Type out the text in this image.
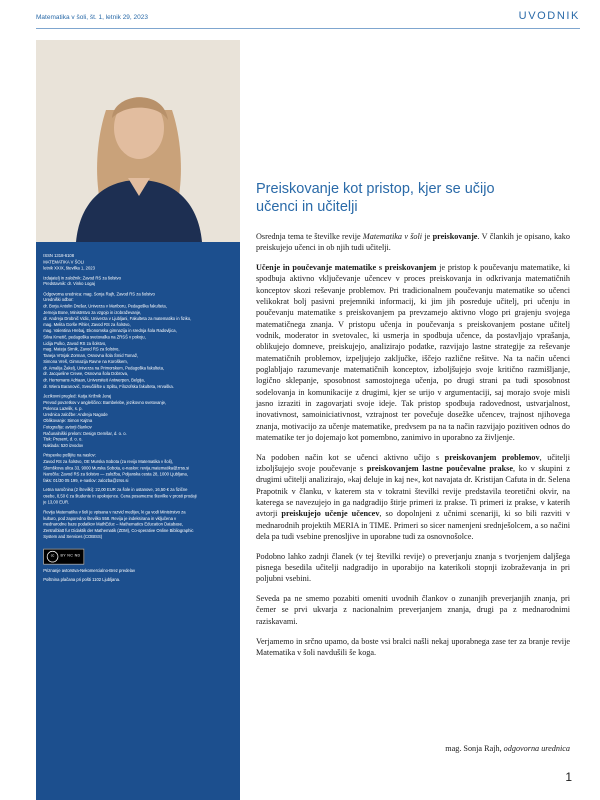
Matematika v šoli, št. 1, letnik 29, 2023	UVODNIK

ISSN 1318-6108
MATEMATIKA V ŠOLI
letnik XXIX, številka 1, 2023

Izdajatelj in založnik: Zavod RS za šolstvo
Predstavnik: dr. Vinko Logaj

Odgovorna urednica: mag. Sonja Rajh, Zavod RS za šolstvo
Uredniški odbor:
dr. Borja Antolin Drešar, Univerza v Mariboru, Pedagoška fakulteta,
Jerneja Bone, Ministrstvo za vzgojo in izobraževanje,
dr. Andreja Drobnič Vidic, Univerza v Ljubljani, Fakulteta za matematiko in fiziko,
mag. Melita Gorše Pihler, Zavod RS za šolstvo,
mag. Valentina Hrebaj, Ekonomska gimnazija in srednja šola Radovljica,
Silva Kmetič, pedagoška svetovalka na ZRSŠ v pokoju,
Lidija Pulko, Zavod RS za šolstvo,
mag. Mateja Sirnik, Zavod RS za šolstvo,
Taneja Vrtnjak Zorman, Osnovna šola Šmid Tomaž,
Simona Vreš, Gimnazija Ravne na Koroškem,
dr. Amalija Žakelj, Univerza na Primorskem, Pedagoška fakulteta,
dr. Jacqueline Crewe, Osnovna šola Dobrova,
dr. Herremans Adriaan, Universiteit Antwerpen, Belgija,
dr. Wiera Baranović, Sveučilište u Splitu, Filozofska fakulteta, Hrvaška.

Jezikovni pregled: Katja Križnik Jeraj
Prevod povzetkov v angleščino: Bambelebe, jezikovno svetovanje,
Polenca Lazelik, s. p.
Urednica založbe: Andreja Nagode
Oblikovanje: Simon Kajtna
Fotografije: avtorji člankov
Računalniški prelom: Design Demšar, d. o. o.
Tisk: Present, d. o. o.
Naklada: 520 izvodov

Prispevke pošljite na naslov:
Zavod RS za šolstvo, OE Murska Sobota (za revijo Matematika v šoli),
Slomškova ulica 33, 9000 Murska Sobota, e-naslov: revija.matematika@zrss.si
Naročila: Zavod RS za šolstvo — založba, Poljanska cesta 28, 1000 Ljubljana,
faks: 01/30 05 199, e-naslov: zalozba@zrss.si

Letna naročnina (2 številki): 22,00 EUR za šole in ustanove, 16,50 € za fizične
osebe, 8,50 € za študente in upokojence. Cena posamezne številke v prosti prodaji
je 13,00 EUR.

Revija Matematika v šoli je vpisana v razvid medijev, ki ga vodi Ministrstvo za
kulturo, pod zaporedno številko 558. Revija je indeksirana in vključena v
mednarodne baze podatkov MathEduc – Mathematics Education Database,
Zentralblatt fur Didaktik der Mathematik (ZDM), Co-operative Online Bibliographic
System and Services (COBISS)

cc	BY NC ND

Priznanje avtorstva-Nekomercialno-Brez predelav

Poštnina plačana pri pošti 1102 Ljubljana.

Preiskovanje kot pristop, kjer se učijo
učenci in učitelji

Osrednja tema te številke revije Matematika v šoli je preiskovanje. V člankih je opisano, kako preiskujejo učenci in ob njih tudi učitelji.

Učenje in poučevanje matematike s preiskovanjem je pristop k poučevanju matematike, ki spodbuja aktivno vključevanje učencev v proces preiskovanja in odkrivanja matematičnih konceptov skozi reševanje problemov. Pri tradicionalnem poučevanju matematike so učenci velikokrat bolj pasivni prejemniki informacij, ki jim jih posreduje učitelj, pri učenju in poučevanju matematike s preiskovanjem pa prevzamejo aktivno vlogo pri grajenju svojega matematičnega znanja. V pristopu učenja in poučevanja s preiskovanjem postane učitelj vodnik, moderator in svetovalec, ki usmerja in spodbuja učence, da postavljajo vprašanja, oblikujejo domneve, preiskujejo, analizirajo podatke, razvijajo lastne strategije za reševanje matematičnih problemov, izpeljujejo zaključke, iščejo različne rešitve. Na ta način učenci poglabljajo razumevanje matematičnih konceptov, izboljšujejo svoje kritično razmišljanje, logično sklepanje, sposobnost samostojnega učenja, po drugi strani pa tudi sposobnost sodelovanja in komunikacije z drugimi, kjer se urijo v argumentaciji, saj morajo svoje misli jasno izraziti in zagovarjati svoje ideje. Tak pristop spodbuja radovednost, ustvarjalnost, inovativnost, samoiniciativnost, vztrajnost ter povečuje dosežke učencev, trajnost njihovega znanja, motivacijo za učenje matematike, predvsem pa na ta način razvijajo pozitiven odnos do matematike ter jo dojemajo kot pomembno, zanimivo in uporabno za življenje.

Na podoben način kot se učenci aktivno učijo s preiskovanjem problemov, učitelji izboljšujejo svoje poučevanje s preiskovanjem lastne poučevalne prakse, ko v skupini z drugimi učitelji analizirajo, »kaj deluje in kaj ne«, kot navajata dr. Kristijan Cafuta in dr. Selena Prapotnik v članku, v katerem sta v tokratni številki revije predstavila teoretični okvir, na katerega se navezujejo in ga nadgradijo štirje primeri iz prakse. Ti primeri iz prakse, v katerih avtorji preiskujejo učenje učencev, so dopolnjeni z učnimi scenariji, ki so bili razviti v mednarodnih projektih MERIA in TIME. Primeri so sicer namenjeni srednješolcem, a so načini dela pa tudi vsebine prenosljive in uporabne tudi za osnovnošolce.

Podobno lahko zadnji članek (v tej številki revije) o preverjanju znanja s tvorjenjem daljšega pisnega besedila učitelji nadgradijo in uporabijo na katerikoli stopnji izobraževanja in pri poljubni vsebini.

Seveda pa ne smemo pozabiti omeniti uvodnih člankov o zunanjih preverjanjih znanja, pri čemer se prvi ukvarja z nacionalnim preverjanjem znanja, drugi pa z mednarodnimi raziskavami.

Verjamemo in srčno upamo, da boste vsi bralci našli nekaj uporabnega zase ter za branje revije Matematika v šoli navdušili še koga.

mag. Sonja Rajh, odgovorna urednica
1
